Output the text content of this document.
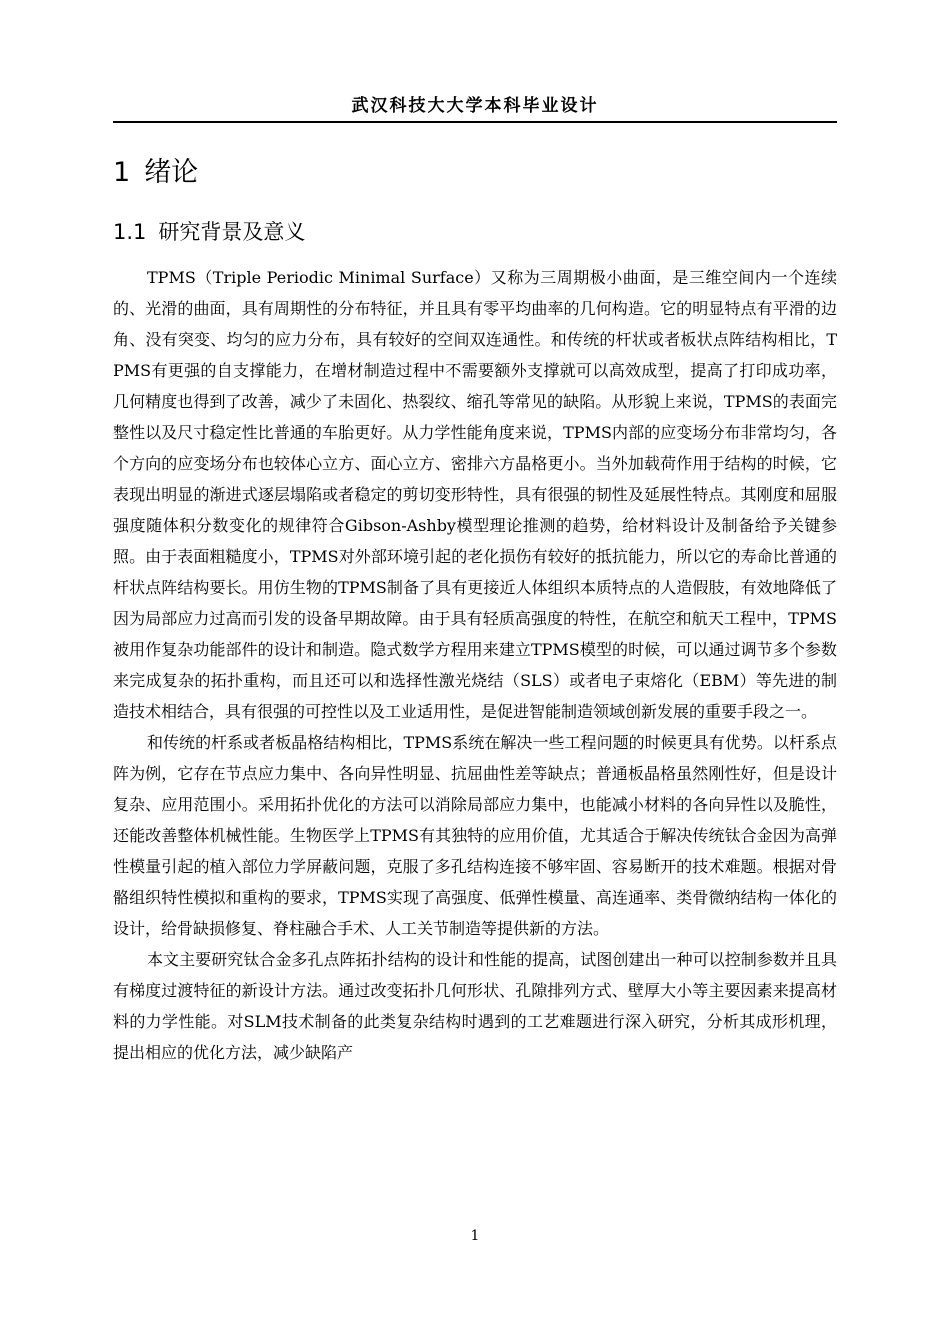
武汉科技大大学本科毕业设计
1 绪论
1.1 研究背景及意义

TPMS（Triple Periodic Minimal Surface）又称为三周期极小曲面，是三维空间内一个连续的、光滑的曲面，具有周期性的分布特征，并且具有零平均曲率的几何构造。它的明显特点有平滑的边角、没有突变、均匀的应力分布，具有较好的空间双连通性。和传统的杆状或者板状点阵结构相比，TPMS有更强的自支撑能力，在增材制造过程中不需要额外支撑就可以高效成型，提高了打印成功率，几何精度也得到了改善，减少了未固化、热裂纹、缩孔等常见的缺陷。从形貌上来说，TPMS的表面完整性以及尺寸稳定性比普通的车胎更好。从力学性能角度来说，TPMS内部的应变场分布非常均匀，各个方向的应变场分布也较体心立方、面心立方、密排六方晶格更小。当外加载荷作用于结构的时候，它表现出明显的渐进式逐层塌陷或者稳定的剪切变形特性，具有很强的韧性及延展性特点。其刚度和屈服强度随体积分数变化的规律符合Gibson-Ashby模型理论推测的趋势，给材料设计及制备给予关键参照。由于表面粗糙度小，TPMS对外部环境引起的老化损伤有较好的抵抗能力，所以它的寿命比普通的杆状点阵结构要长。用仿生物的TPMS制备了具有更接近人体组织本质特点的人造假肢，有效地降低了因为局部应力过高而引发的设备早期故障。由于具有轻质高强度的特性，在航空和航天工程中，TPMS被用作复杂功能部件的设计和制造。隐式数学方程用来建立TPMS模型的时候，可以通过调节多个参数来完成复杂的拓扑重构，而且还可以和选择性激光烧结（SLS）或者电子束熔化（EBM）等先进的制造技术相结合，具有很强的可控性以及工业适用性，是促进智能制造领域创新发展的重要手段之一。

和传统的杆系或者板晶格结构相比，TPMS系统在解决一些工程问题的时候更具有优势。以杆系点阵为例，它存在节点应力集中、各向异性明显、抗屈曲性差等缺点；普通板晶格虽然刚性好，但是设计复杂、应用范围小。采用拓扑优化的方法可以消除局部应力集中，也能减小材料的各向异性以及脆性，还能改善整体机械性能。生物医学上TPMS有其独特的应用价值，尤其适合于解决传统钛合金因为高弹性模量引起的植入部位力学屏蔽问题，克服了多孔结构连接不够牢固、容易断开的技术难题。根据对骨骼组织特性模拟和重构的要求，TPMS实现了高强度、低弹性模量、高连通率、类骨微纳结构一体化的设计，给骨缺损修复、脊柱融合手术、人工关节制造等提供新的方法。

本文主要研究钛合金多孔点阵拓扑结构的设计和性能的提高，试图创建出一种可以控制参数并且具有梯度过渡特征的新设计方法。通过改变拓扑几何形状、孔隙排列方式、壁厚大小等主要因素来提高材料的力学性能。对SLM技术制备的此类复杂结构时遇到的工艺难题进行深入研究，分析其成形机理，提出相应的优化方法，减少缺陷产

1
